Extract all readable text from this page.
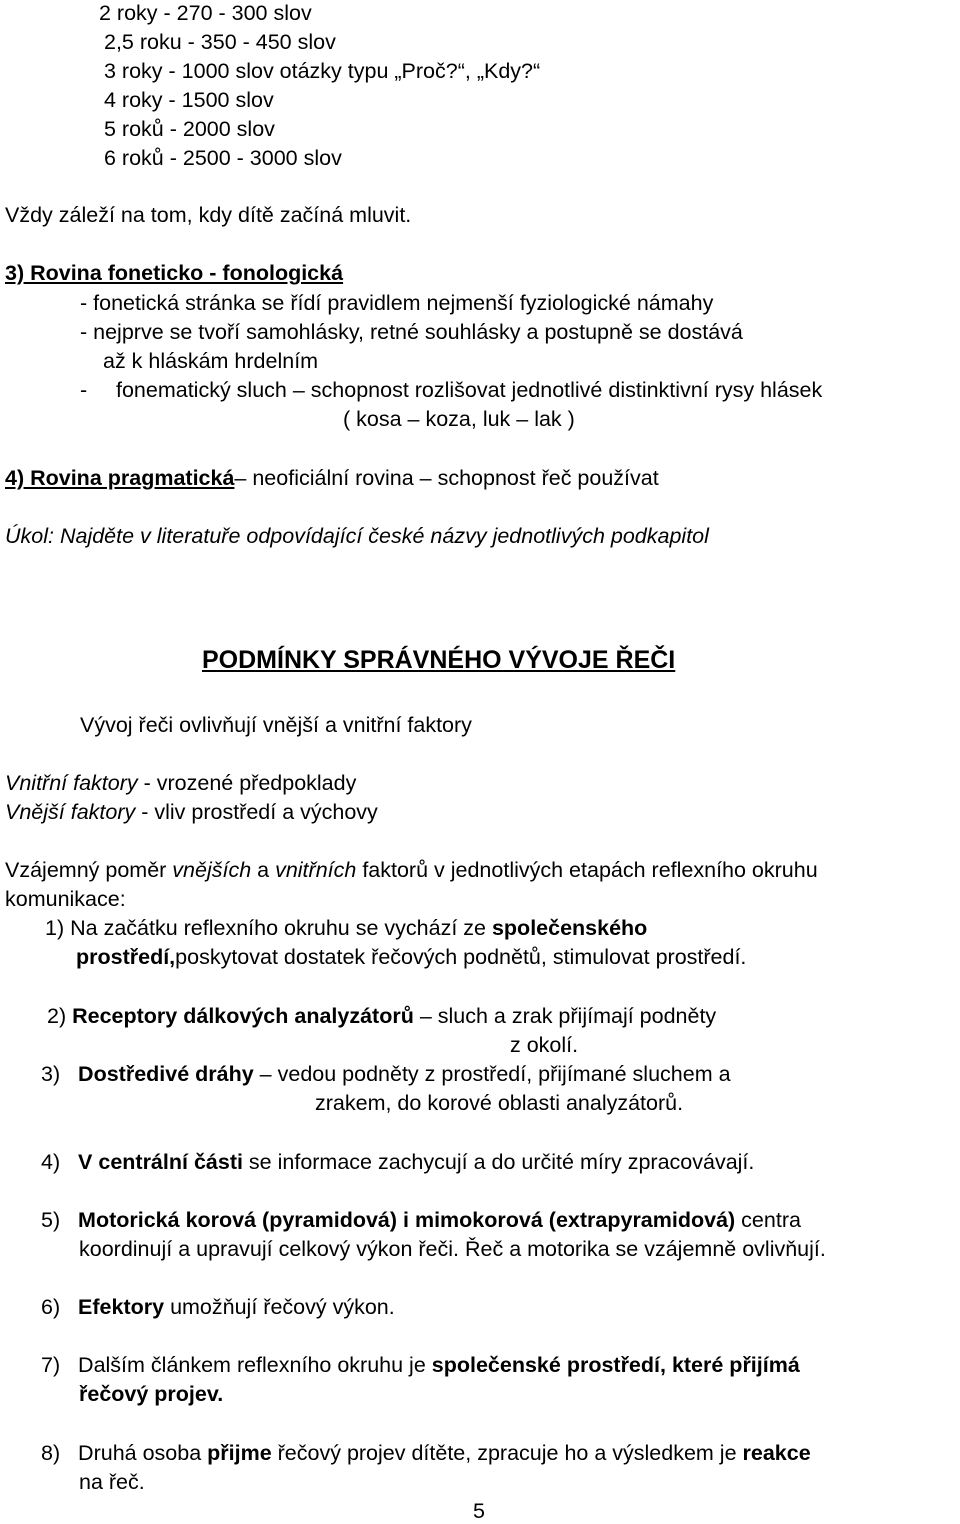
2 roky - 270 - 300 slov
2,5 roku - 350 - 450 slov
3 roky - 1000 slov otázky typu „Proč?“, „Kdy?“
4 roky - 1500 slov
5 roků - 2000 slov
6 roků - 2500 - 3000 slov
Vždy záleží na tom, kdy dítě začíná mluvit.
3) Rovina foneticko - fonologická
- fonetická stránka se řídí pravidlem nejmenší fyziologické námahy
- nejprve se tvoří samohlásky, retné souhlásky a postupně se dostává
až k hláskám hrdelním
- fonematický sluch – schopnost rozlišovat jednotlivé distinktivní rysy hlásek
( kosa – koza, luk – lak )
4) Rovina pragmatická– neoficiální rovina – schopnost řeč používat
Úkol: Najděte v literatuře odpovídající české názvy jednotlivých podkapitol
PODMÍNKY SPRÁVNÉHO VÝVOJE ŘEČI
Vývoj řeči ovlivňují vnější a vnitřní faktory
Vnitřní faktory - vrozené předpoklady
Vnější faktory - vliv prostředí a výchovy
Vzájemný poměr vnějších a vnitřních faktorů v jednotlivých etapách reflexního okruhu
komunikace:
1) Na začátku reflexního okruhu se vychází ze společenského
prostředí,poskytovat dostatek řečových podnětů, stimulovat prostředí.
2) Receptory dálkových analyzátorů – sluch a zrak přijímají podněty
z okolí.
3) Dostředivé dráhy – vedou podněty z prostředí, přijímané sluchem a
zrakem, do korové oblasti analyzátorů.
4) V centrální části se informace zachycují a do určité míry zpracovávají.
5) Motorická korová (pyramidová) i mimokorová (extrapyramidová) centra
koordinují a upravují celkový výkon řeči. Řeč a motorika se vzájemně ovlivňují.
6) Efektory umožňují řečový výkon.
7) Dalším článkem reflexního okruhu je společenské prostředí, které přijímá
řečový projev.
8) Druhá osoba přijme řečový projev dítěte, zpracuje ho a výsledkem je reakce
na řeč.
5
